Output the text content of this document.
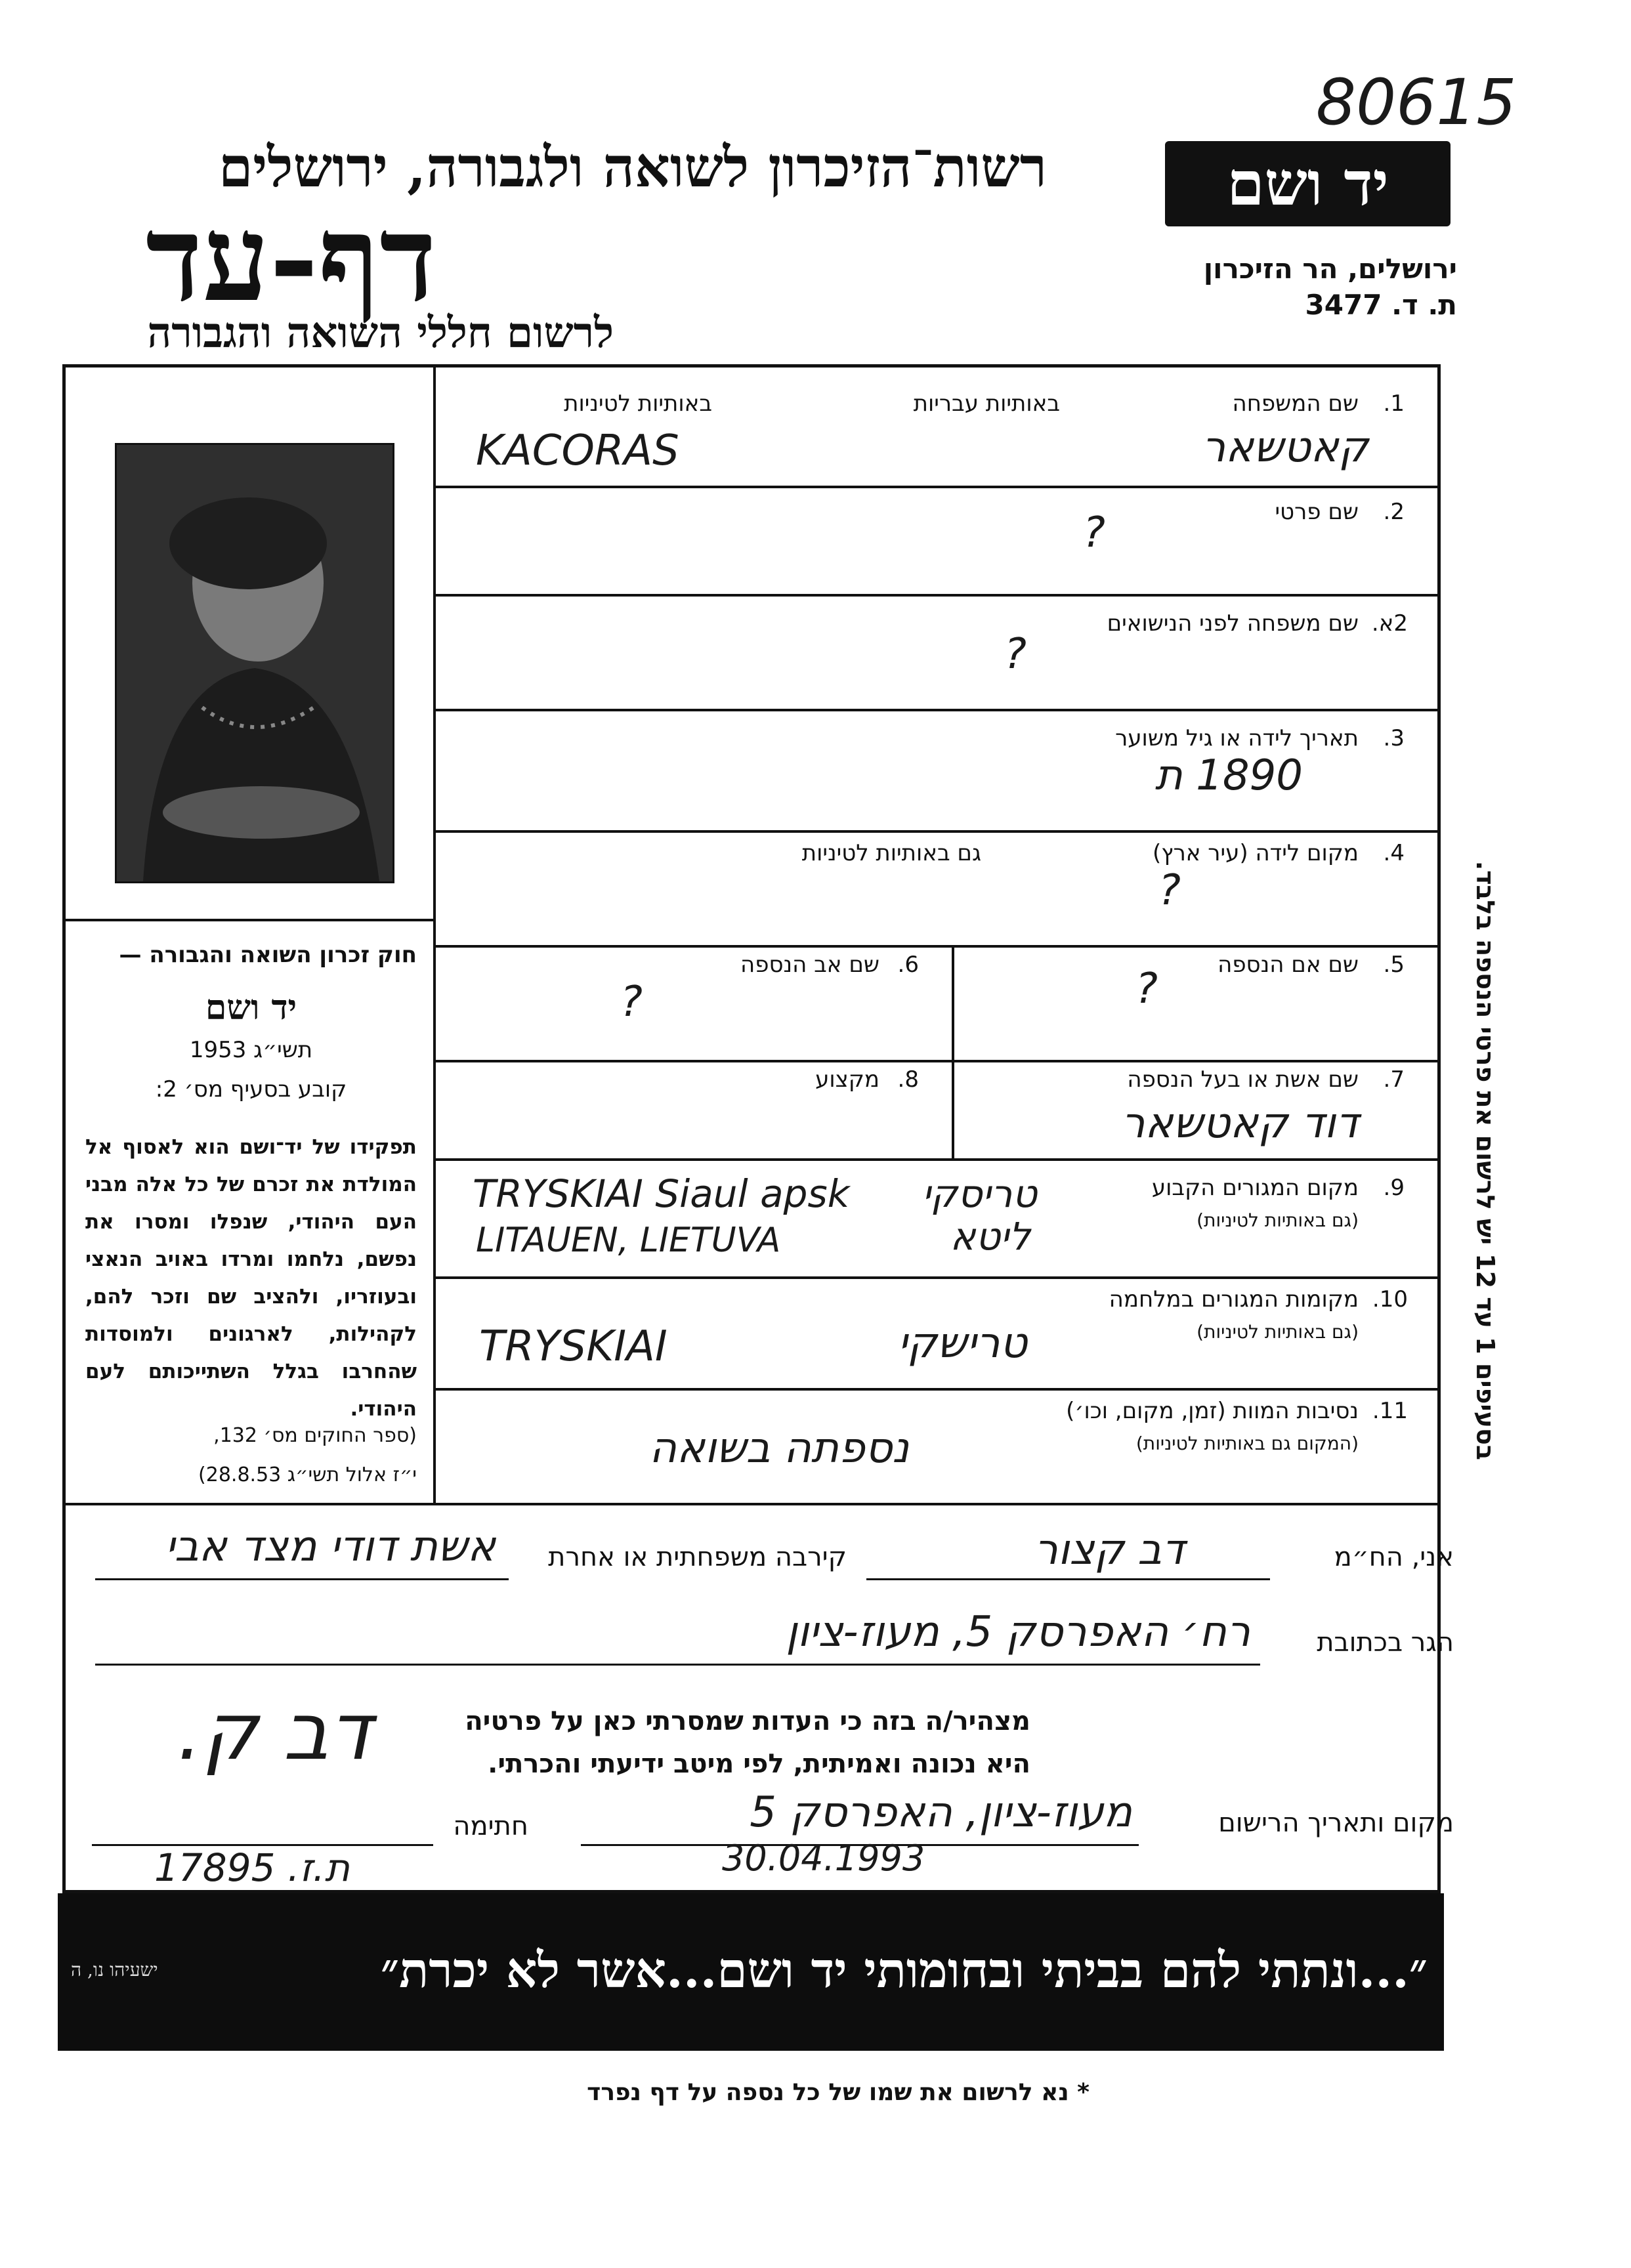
80615
רשות־הזיכרון לשואה ולגבורה, ירושלים
דף-עד
לרשום חללי השואה והגבורה
יד ושם
ירושלים, הר הזיכרון
ת. ד. 3477
חוק זכרון השואה והגבורה —
יד ושם
תשי״ג 1953
קובע בסעיף מס׳ 2:
תפקידו של יד־ושם הוא לאסוף אל המולדת את זכרם של כל אלה מבני העם היהודי, שנפלו ומסרו את נפשם, נלחמו ומרדו באויב הנאצי ובעוזריו, ולהציב שם וזכר להם, לקהילות, לארגונים ולמוסדות שהחרבו בגלל השתייכותם לעם היהודי.
(ספר החוקים מס׳ 132,
י״ז אלול תשי״ג 28.8.53)
1.
שם המשפחה
באותיות עבריות
באותיות לטיניות
קאטשאר
KACORAS
2.
שם פרטי
?
2א.
שם משפחה לפני הנישואים
?
3.
תאריך לידה או גיל משוער
1890 ת
4.
מקום לידה (עיר ארץ)
גם באותיות לטיניות
?
5.
שם אם הנספה
?
6.
שם אב הנספה
?
7.
שם אשת או בעל הנספה
דוד קאטשאר
8.
מקצוע
9.
מקום המגורים הקבוע
(גם באותיות לטיניות)
TRYSKIAI Siaul apsk
LITAUEN, LIETUVA
טריסקי
ליטא
10.
מקומות המגורים במלחמה
(גם באותיות לטיניות)
TRYSKIAI	טרישקי
11.
נסיבות המוות (זמן, מקום, וכו׳)
(המקום גם באותיות לטיניות)
נספתה בשואה
בסעיפים 1 עד 12 יש לרשום את פרטי הנספה בלבד.
אני, הח״מ
דב קצור
קירבה משפחתית או אחרת
אשת דודי מצד אבי
הגר בכתובת
רח׳ האפרסק 5, מעוז-ציון
מצהיר/ה בזה כי העדות שמסרתי כאן על פרטיה
היא נכונה ואמיתית, לפי מיטב ידיעתי והכרתי.
דב ק.
מקום ותאריך הרישום
מעוז-ציון, האפרסק 5
30.04.1993
חתימה
ת.ז. 17895
״...ונתתי להם בביתי ובחומותי יד ושם...אשר לא יכרת״
ישעיהו נו, ה
* נא לרשום את שמו של כל נספה על דף נפרד
